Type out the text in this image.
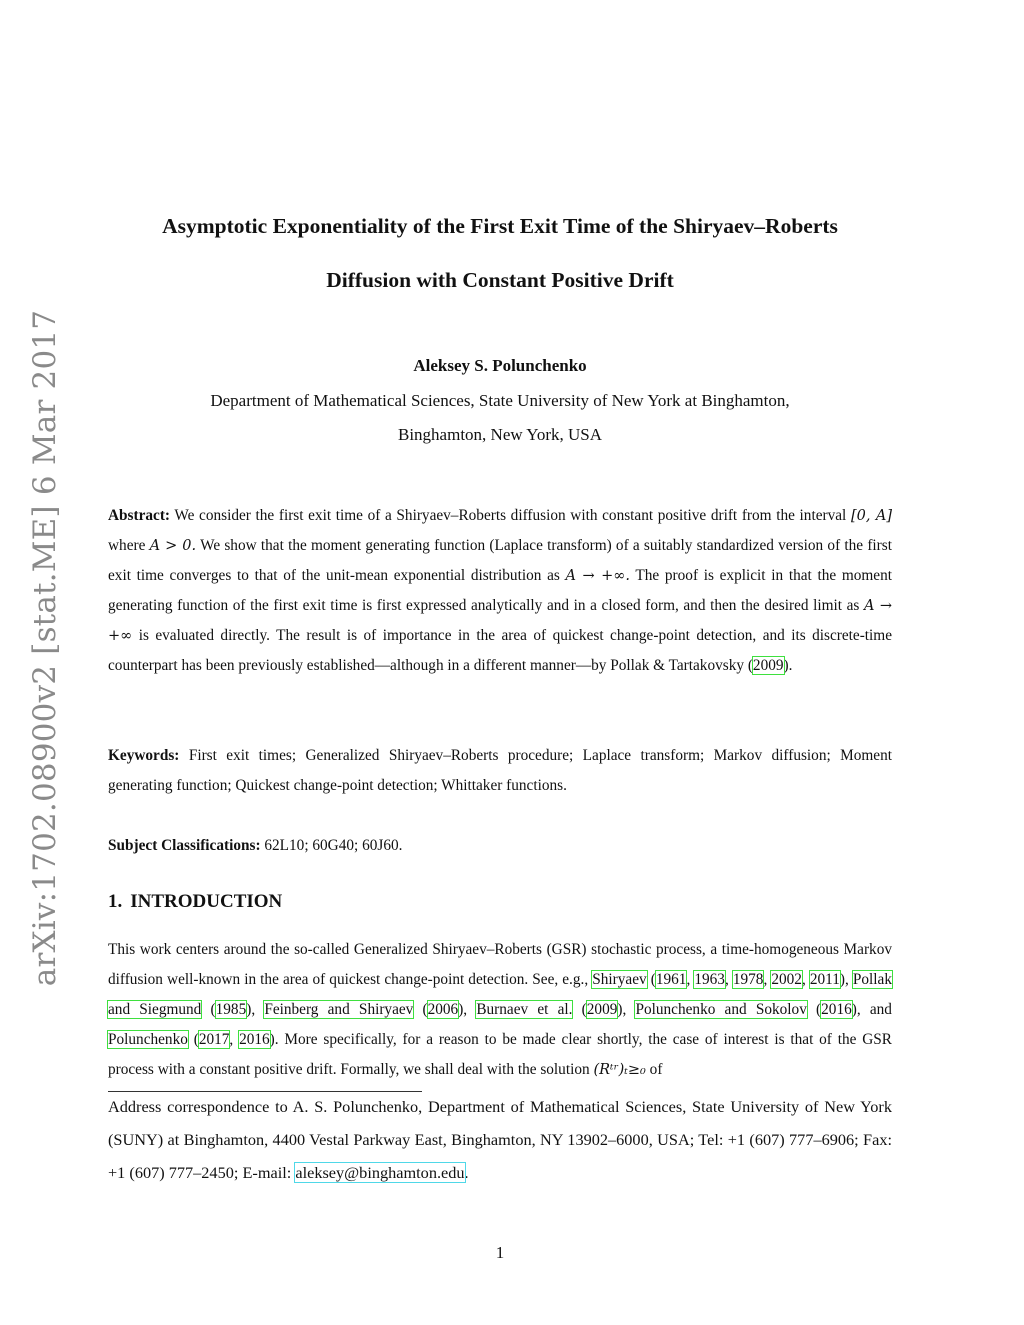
arXiv:1702.08900v2 [stat.ME] 6 Mar 2017
Asymptotic Exponentiality of the First Exit Time of the Shiryaev–Roberts
Diffusion with Constant Positive Drift
Aleksey S. Polunchenko
Department of Mathematical Sciences, State University of New York at Binghamton,
Binghamton, New York, USA
Abstract: We consider the first exit time of a Shiryaev–Roberts diffusion with constant positive drift from the interval [0, A] where A > 0. We show that the moment generating function (Laplace transform) of a suitably standardized version of the first exit time converges to that of the unit-mean exponential distribution as A → +∞. The proof is explicit in that the moment generating function of the first exit time is first expressed analytically and in a closed form, and then the desired limit as A → +∞ is evaluated directly. The result is of importance in the area of quickest change-point detection, and its discrete-time counterpart has been previously established—although in a different manner—by Pollak & Tartakovsky (2009).
Keywords: First exit times; Generalized Shiryaev–Roberts procedure; Laplace transform; Markov diffusion; Moment generating function; Quickest change-point detection; Whittaker functions.
Subject Classifications: 62L10; 60G40; 60J60.
1. INTRODUCTION
This work centers around the so-called Generalized Shiryaev–Roberts (GSR) stochastic process, a time-homogeneous Markov diffusion well-known in the area of quickest change-point detection. See, e.g., Shiryaev (1961, 1963, 1978, 2002, 2011), Pollak and Siegmund (1985), Feinberg and Shiryaev (2006), Burnaev et al. (2009), Polunchenko and Sokolov (2016), and Polunchenko (2017, 2016). More specifically, for a reason to be made clear shortly, the case of interest is that of the GSR process with a constant positive drift. Formally, we shall deal with the solution (Rᵗʳ)ₜ≥₀ of
Address correspondence to A. S. Polunchenko, Department of Mathematical Sciences, State University of New York (SUNY) at Binghamton, 4400 Vestal Parkway East, Binghamton, NY 13902–6000, USA; Tel: +1 (607) 777–6906; Fax: +1 (607) 777–2450; E-mail: aleksey@binghamton.edu.
1
